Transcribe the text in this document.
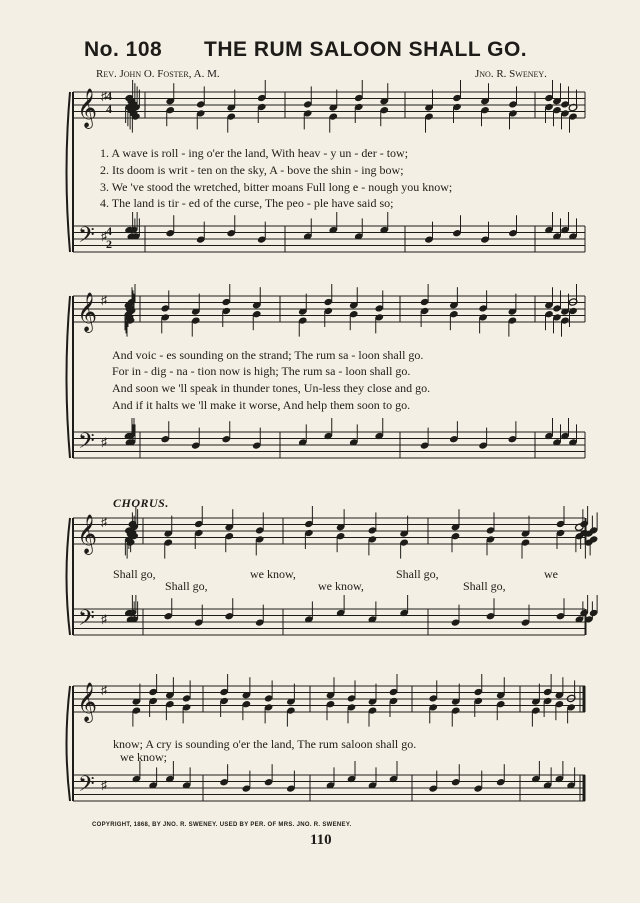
No. 108 THE RUM SALOON SHALL GO.
Rev. John O. Foster, A. M.	Jno. R. Sweney.
𝄞
𝄢
♯
♯
𝄞
𝄢
♯
♯
𝄞
𝄢
♯
♯
𝄞
𝄢
♯
♯
4
4
4
2
1. A wave is roll - ing o'er the land, With heav - y un - der - tow;
2. Its doom is writ - ten on the sky, A - bove the shin - ing bow;
3. We 've stood the wretched, bitter moans Full long e - nough you know;
4. The land is tir - ed of the curse, The peo - ple have said so;
And voic - es sounding on the strand; The rum sa - loon shall go.
For in - dig - na - tion now is high; The rum sa - loon shall go.
And soon we 'll speak in thunder tones, Un-less they close and go.
And if it halts we 'll make it worse, And help them soon to go.
CHORUS.
Shall go,	we know,	Shall go,	we
Shall go,	we know,	Shall go,
know; A cry is sounding o'er the land, The rum saloon shall go.
we know;
COPYRIGHT, 1868, BY JNO. R. SWENEY. USED BY PER. OF MRS. JNO. R. SWENEY.
110
